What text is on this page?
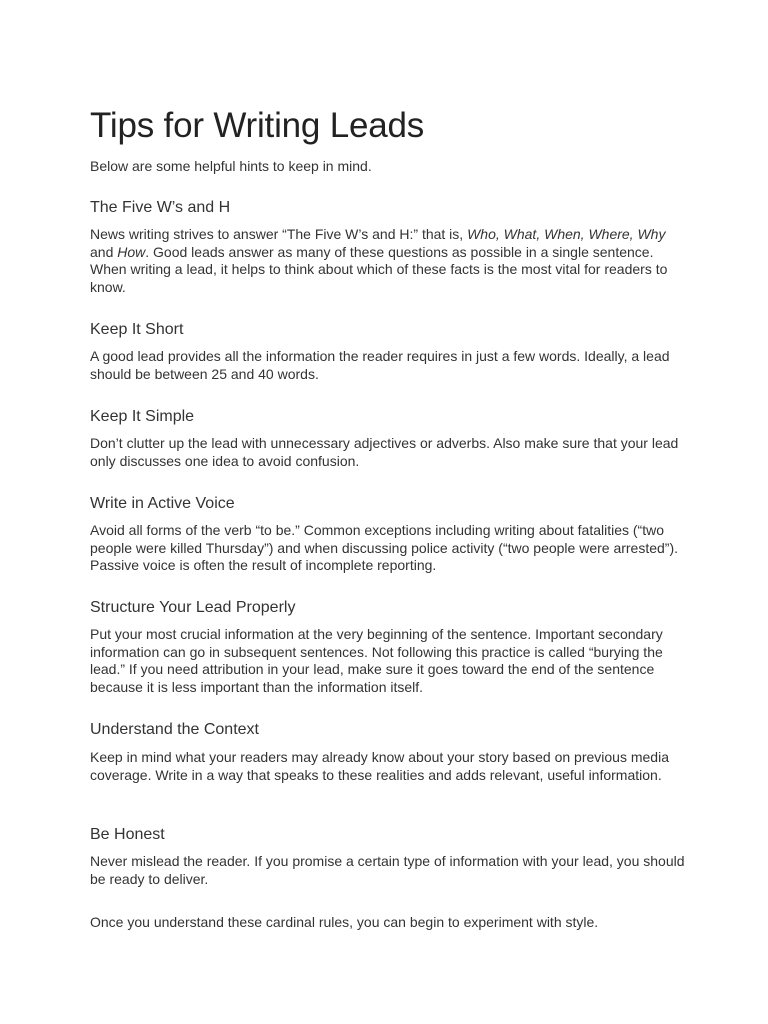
Tips for Writing Leads

Below are some helpful hints to keep in mind.

The Five W’s and H

News writing strives to answer “The Five W’s and H:” that is, Who, What, When, Where, Why and How. Good leads answer as many of these questions as possible in a single sentence. When writing a lead, it helps to think about which of these facts is the most vital for readers to know.

Keep It Short

A good lead provides all the information the reader requires in just a few words. Ideally, a lead should be between 25 and 40 words.

Keep It Simple

Don’t clutter up the lead with unnecessary adjectives or adverbs. Also make sure that your lead only discusses one idea to avoid confusion.

Write in Active Voice

Avoid all forms of the verb “to be.” Common exceptions including writing about fatalities (“two people were killed Thursday”) and when discussing police activity (“two people were arrested”). Passive voice is often the result of incomplete reporting.

Structure Your Lead Properly

Put your most crucial information at the very beginning of the sentence. Important secondary information can go in subsequent sentences. Not following this practice is called “burying the lead.” If you need attribution in your lead, make sure it goes toward the end of the sentence because it is less important than the information itself.

Understand the Context

Keep in mind what your readers may already know about your story based on previous media coverage. Write in a way that speaks to these realities and adds relevant, useful information.

Be Honest

Never mislead the reader. If you promise a certain type of information with your lead, you should be ready to deliver.

Once you understand these cardinal rules, you can begin to experiment with style.
